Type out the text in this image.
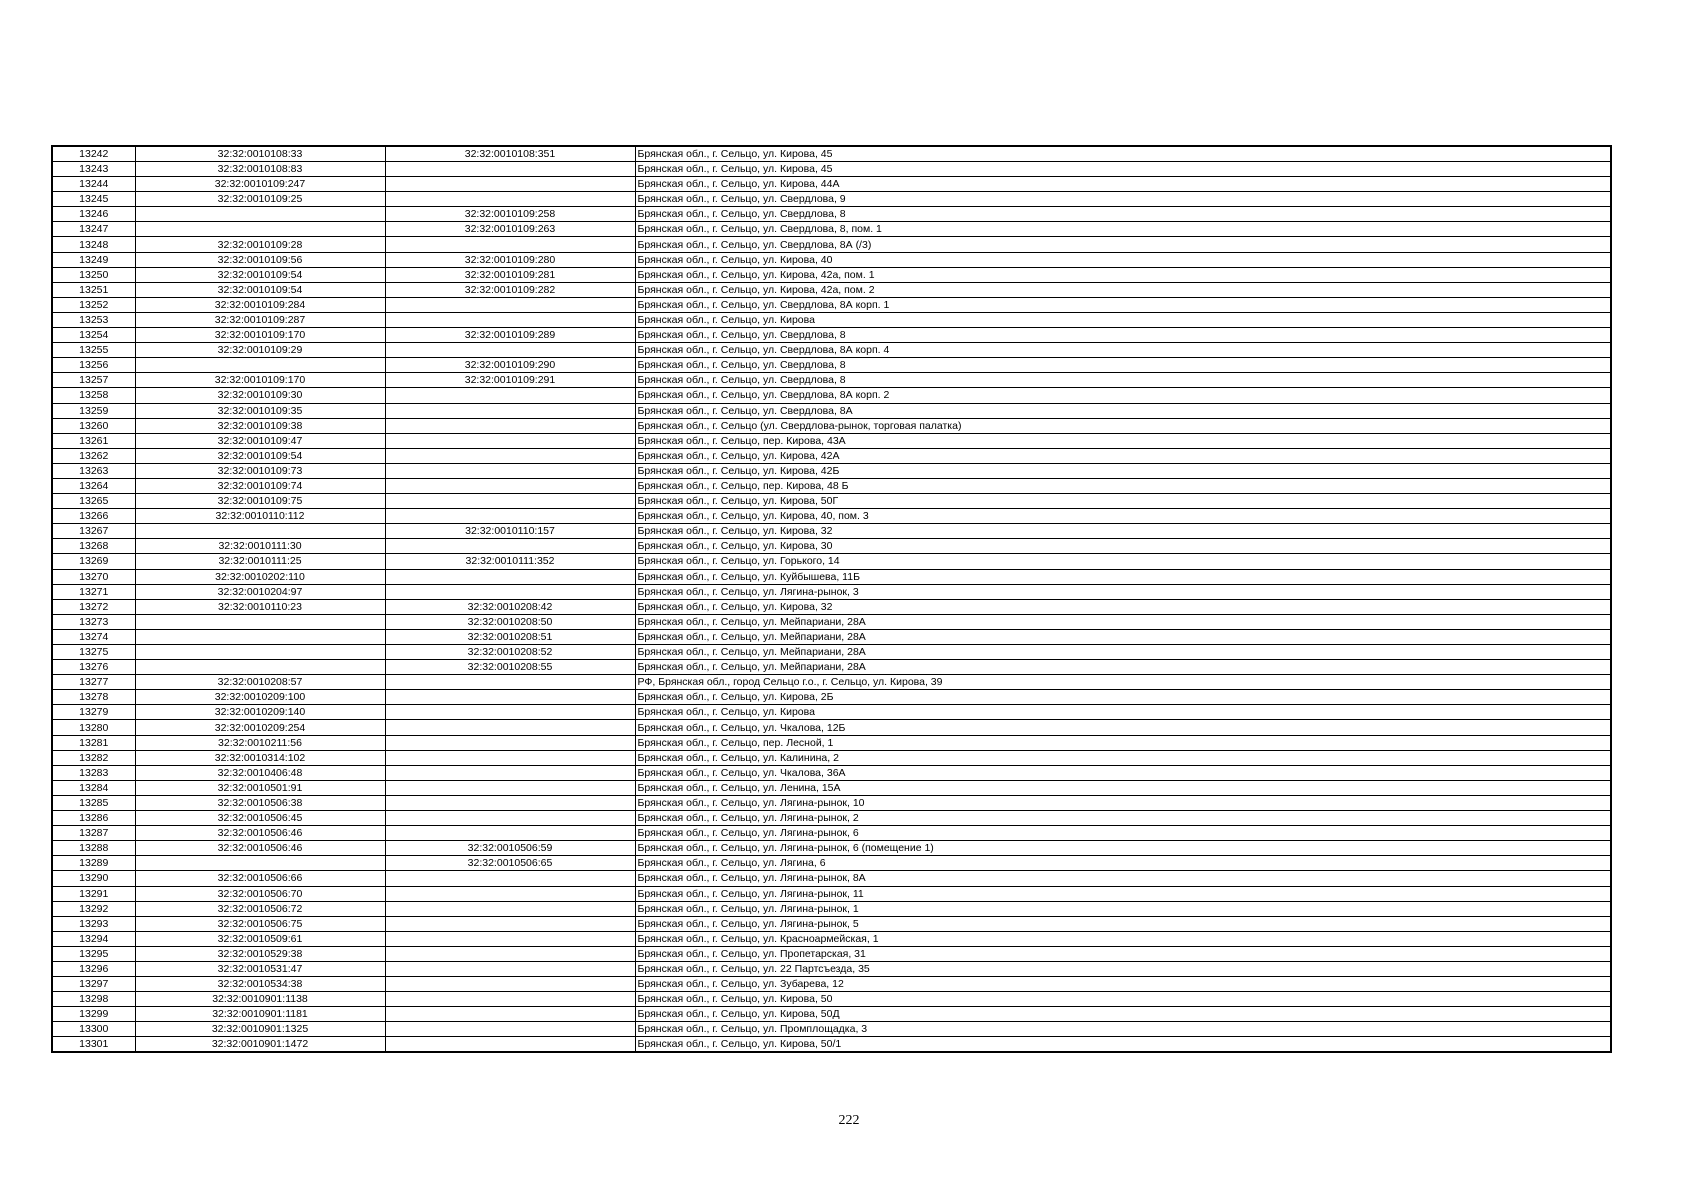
13242	32:32:0010108:33	32:32:0010108:351	Брянская обл., г. Сельцо, ул. Кирова, 45
13243	32:32:0010108:83		Брянская обл., г. Сельцо, ул. Кирова, 45
13244	32:32:0010109:247		Брянская обл., г. Сельцо, ул. Кирова, 44А
13245	32:32:0010109:25		Брянская обл., г. Сельцо, ул. Свердлова, 9
13246		32:32:0010109:258	Брянская обл., г. Сельцо, ул. Свердлова, 8
13247		32:32:0010109:263	Брянская обл., г. Сельцо, ул. Свердлова, 8, пом. 1
13248	32:32:0010109:28		Брянская обл., г. Сельцо, ул. Свердлова, 8А (/3)
13249	32:32:0010109:56	32:32:0010109:280	Брянская обл., г. Сельцо, ул. Кирова, 40
13250	32:32:0010109:54	32:32:0010109:281	Брянская обл., г. Сельцо, ул. Кирова, 42а, пом. 1
13251	32:32:0010109:54	32:32:0010109:282	Брянская обл., г. Сельцо, ул. Кирова, 42а, пом. 2
13252	32:32:0010109:284		Брянская обл., г. Сельцо, ул. Свердлова, 8А корп. 1
13253	32:32:0010109:287		Брянская обл., г. Сельцо, ул. Кирова
13254	32:32:0010109:170	32:32:0010109:289	Брянская обл., г. Сельцо, ул. Свердлова, 8
13255	32:32:0010109:29		Брянская обл., г. Сельцо, ул. Свердлова, 8А корп. 4
13256		32:32:0010109:290	Брянская обл., г. Сельцо, ул. Свердлова, 8
13257	32:32:0010109:170	32:32:0010109:291	Брянская обл., г. Сельцо, ул. Свердлова, 8
13258	32:32:0010109:30		Брянская обл., г. Сельцо, ул. Свердлова, 8А корп. 2
13259	32:32:0010109:35		Брянская обл., г. Сельцо, ул. Свердлова, 8А
13260	32:32:0010109:38		Брянская обл., г. Сельцо (ул. Свердлова-рынок, торговая палатка)
13261	32:32:0010109:47		Брянская обл., г. Сельцо, пер. Кирова, 43А
13262	32:32:0010109:54		Брянская обл., г. Сельцо, ул. Кирова, 42А
13263	32:32:0010109:73		Брянская обл., г. Сельцо, ул. Кирова, 42Б
13264	32:32:0010109:74		Брянская обл., г. Сельцо, пер. Кирова, 48 Б
13265	32:32:0010109:75		Брянская обл., г. Сельцо, ул. Кирова, 50Г
13266	32:32:0010110:112		Брянская обл., г. Сельцо, ул. Кирова, 40, пом. 3
13267		32:32:0010110:157	Брянская обл., г. Сельцо, ул. Кирова, 32
13268	32:32:0010111:30		Брянская обл., г. Сельцо, ул. Кирова, 30
13269	32:32:0010111:25	32:32:0010111:352	Брянская обл., г. Сельцо, ул. Горького, 14
13270	32:32:0010202:110		Брянская обл., г. Сельцо, ул. Куйбышева, 11Б
13271	32:32:0010204:97		Брянская обл., г. Сельцо, ул. Лягина-рынок, 3
13272	32:32:0010110:23	32:32:0010208:42	Брянская обл., г. Сельцо, ул. Кирова, 32
13273		32:32:0010208:50	Брянская обл., г. Сельцо, ул. Мейпариани, 28А
13274		32:32:0010208:51	Брянская обл., г. Сельцо, ул. Мейпариани, 28А
13275		32:32:0010208:52	Брянская обл., г. Сельцо, ул. Мейпариани, 28А
13276		32:32:0010208:55	Брянская обл., г. Сельцо, ул. Мейпариани, 28А
13277	32:32:0010208:57		РФ, Брянская обл., город Сельцо г.о., г. Сельцо, ул. Кирова, 39
13278	32:32:0010209:100		Брянская обл., г. Сельцо, ул. Кирова, 2Б
13279	32:32:0010209:140		Брянская обл., г. Сельцо, ул. Кирова
13280	32:32:0010209:254		Брянская обл., г. Сельцо, ул. Чкалова, 12Б
13281	32:32:0010211:56		Брянская обл., г. Сельцо, пер. Лесной, 1
13282	32:32:0010314:102		Брянская обл., г. Сельцо, ул. Калинина, 2
13283	32:32:0010406:48		Брянская обл., г. Сельцо, ул. Чкалова, 36А
13284	32:32:0010501:91		Брянская обл., г. Сельцо, ул. Ленина, 15А
13285	32:32:0010506:38		Брянская обл., г. Сельцо, ул. Лягина-рынок, 10
13286	32:32:0010506:45		Брянская обл., г. Сельцо, ул. Лягина-рынок, 2
13287	32:32:0010506:46		Брянская обл., г. Сельцо, ул. Лягина-рынок, 6
13288	32:32:0010506:46	32:32:0010506:59	Брянская обл., г. Сельцо, ул. Лягина-рынок, 6 (помещение 1)
13289		32:32:0010506:65	Брянская обл., г. Сельцо, ул. Лягина, 6
13290	32:32:0010506:66		Брянская обл., г. Сельцо, ул. Лягина-рынок, 8А
13291	32:32:0010506:70		Брянская обл., г. Сельцо, ул. Лягина-рынок, 11
13292	32:32:0010506:72		Брянская обл., г. Сельцо, ул. Лягина-рынок, 1
13293	32:32:0010506:75		Брянская обл., г. Сельцо, ул. Лягина-рынок, 5
13294	32:32:0010509:61		Брянская обл., г. Сельцо, ул. Красноармейская, 1
13295	32:32:0010529:38		Брянская обл., г. Сельцо, ул. Пропетарская, 31
13296	32:32:0010531:47		Брянская обл., г. Сельцо, ул. 22 Партсъезда, 35
13297	32:32:0010534:38		Брянская обл., г. Сельцо, ул. Зубарева, 12
13298	32:32:0010901:1138		Брянская обл., г. Сельцо, ул. Кирова, 50
13299	32:32:0010901:1181		Брянская обл., г. Сельцо, ул. Кирова, 50Д
13300	32:32:0010901:1325		Брянская обл., г. Сельцо, ул. Промплощадка, 3
13301	32:32:0010901:1472		Брянская обл., г. Сельцо, ул. Кирова, 50/1
222
